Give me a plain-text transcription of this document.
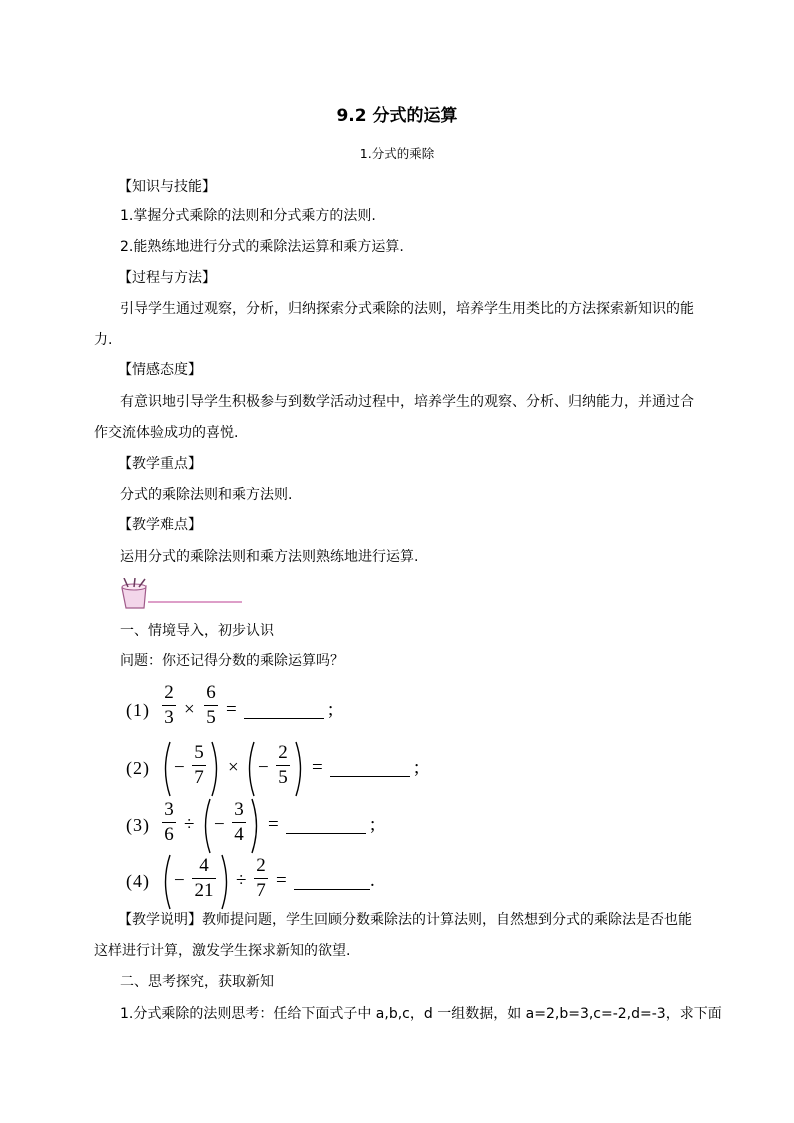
9.2 分式的运算
1.分式的乘除
【知识与技能】
1.掌握分式乘除的法则和分式乘方的法则.
2.能熟练地进行分式的乘除法运算和乘方运算.
【过程与方法】
引导学生通过观察，分析，归纳探索分式乘除的法则，培养学生用类比的方法探索新知识的能
力.
【情感态度】
有意识地引导学生积极参与到数学活动过程中，培养学生的观察、分析、归纳能力，并通过合
作交流体验成功的喜悦.
【教学重点】
分式的乘除法则和乘方法则.
【教学难点】
运用分式的乘除法则和乘方法则熟练地进行运算.
一、情境导入，初步认识
问题：你还记得分数的乘除运算吗？
(1)
2
3 ×
6
5 =	;
(2) −
5
7 × −
2
5 =	;
(3)
3
6 ÷ −
3
4 =	;
(4) −
4
21 ÷
2
7 =	.
【教学说明】教师提问题，学生回顾分数乘除法的计算法则，自然想到分式的乘除法是否也能
这样进行计算，激发学生探求新知的欲望.
二、思考探究，获取新知
1.分式乘除的法则思考：任给下面式子中 a,b,c，d 一组数据，如 a=2,b=3,c=-2,d=-3，求下面
